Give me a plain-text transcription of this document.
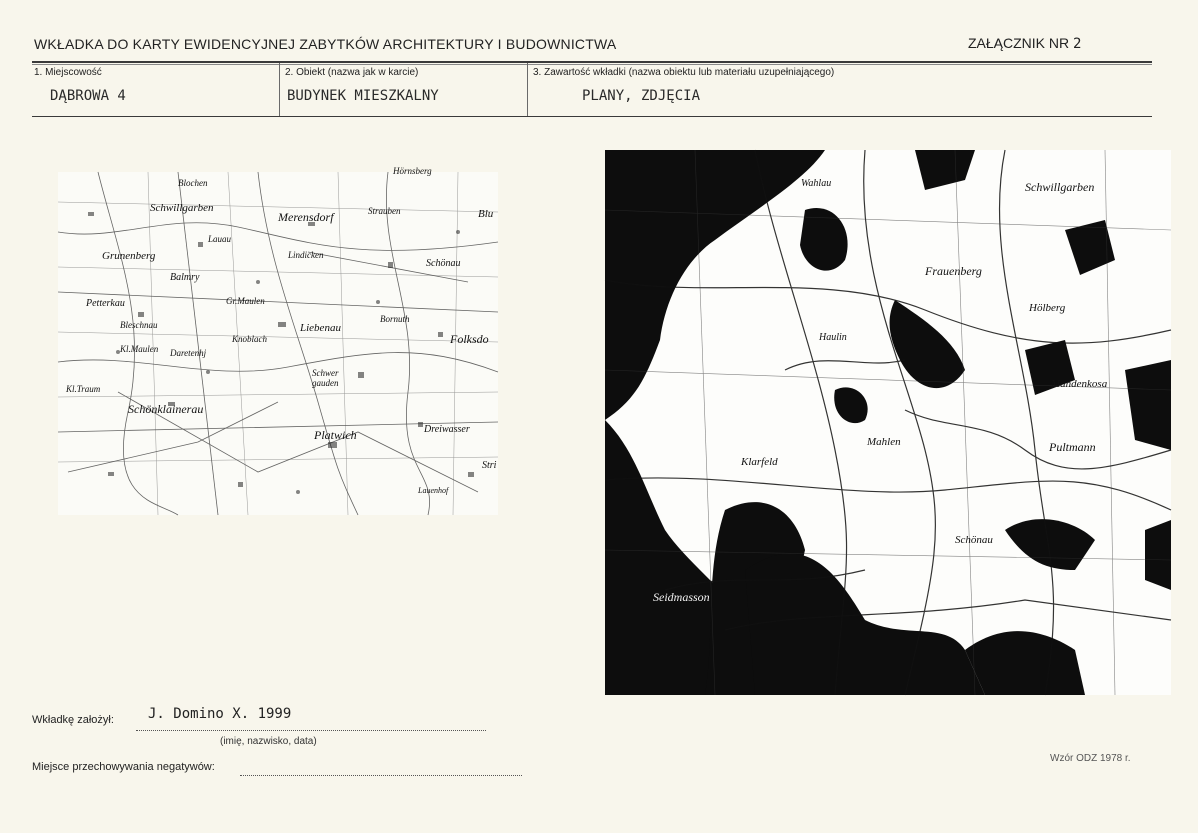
WKŁADKA DO KARTY EWIDENCYJNEJ ZABYTKÓW ARCHITEKTURY I BUDOWNICTWA	ZAŁĄCZNIK NR 2
1. Miejscowość
DĄBROWA 4
2. Obiekt (nazwa jak w karcie)
BUDYNEK MIESZKALNY
3. Zawartość wkładki (nazwa obiektu lub materiału uzupełniającego)
PLANY, ZDJĘCIA
Hörnsberg
Blochen
Schwillgarben
Merensdorf	Strauben	Blu
Grunenberg
Lauau
Lindicken
Schönau
Balmry
Petterkau	Gr.Maulen
Bleschnau	Liebenau
Bornuth
Folksdo
Kl.Maulen
Knoblach
Daretenhj
Schwer gauden
Kl.Traum
Schönklainerau
Platwich	Dreiwasser
Stri
Lauenhof
Schwillgarben
Wahlau
Frauenberg
Hölberg
Mandenkosa
Haulin
Mahlen
Klarfeld
Schönau
Pultmann
Seidmasson
Wkładkę założył: J. Domino X. 1999
(imię, nazwisko, data)
Miejsce przechowywania negatywów:
Wzór ODZ 1978 r.
